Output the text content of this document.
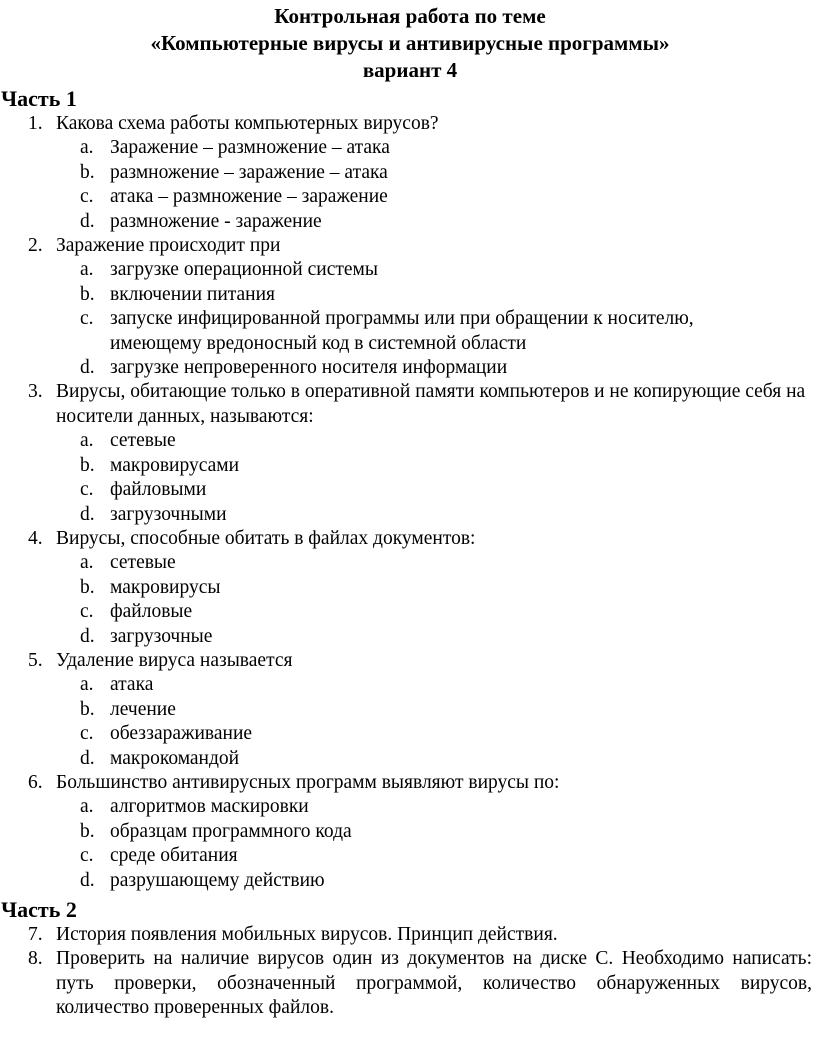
Контрольная работа по теме
«Компьютерные вирусы и антивирусные программы»
вариант 4
Часть 1
1. Какова схема работы компьютерных вирусов?
a. Заражение – размножение – атака
b. размножение – заражение – атака
c. атака – размножение – заражение
d. размножение - заражение
2. Заражение происходит при
a. загрузке операционной системы
b. включении питания
c. запуске инфицированной программы или при обращении к носителю, имеющему вредоносный код в системной области
d. загрузке непроверенного носителя информации
3. Вирусы, обитающие только в оперативной памяти компьютеров и не копирующие себя на носители данных, называются:
a. сетевые
b. макровирусами
c. файловыми
d. загрузочными
4. Вирусы, способные обитать в файлах документов:
a. сетевые
b. макровирусы
c. файловые
d. загрузочные
5. Удаление вируса называется
a. атака
b. лечение
c. обеззараживание
d. макрокомандой
6. Большинство антивирусных программ выявляют вирусы по:
a. алгоритмов маскировки
b. образцам программного кода
c. среде обитания
d. разрушающему действию
Часть 2
7. История появления мобильных вирусов. Принцип действия.
8. Проверить на наличие вирусов один из документов на диске С. Необходимо написать: путь проверки, обозначенный программой, количество обнаруженных вирусов, количество проверенных файлов.
